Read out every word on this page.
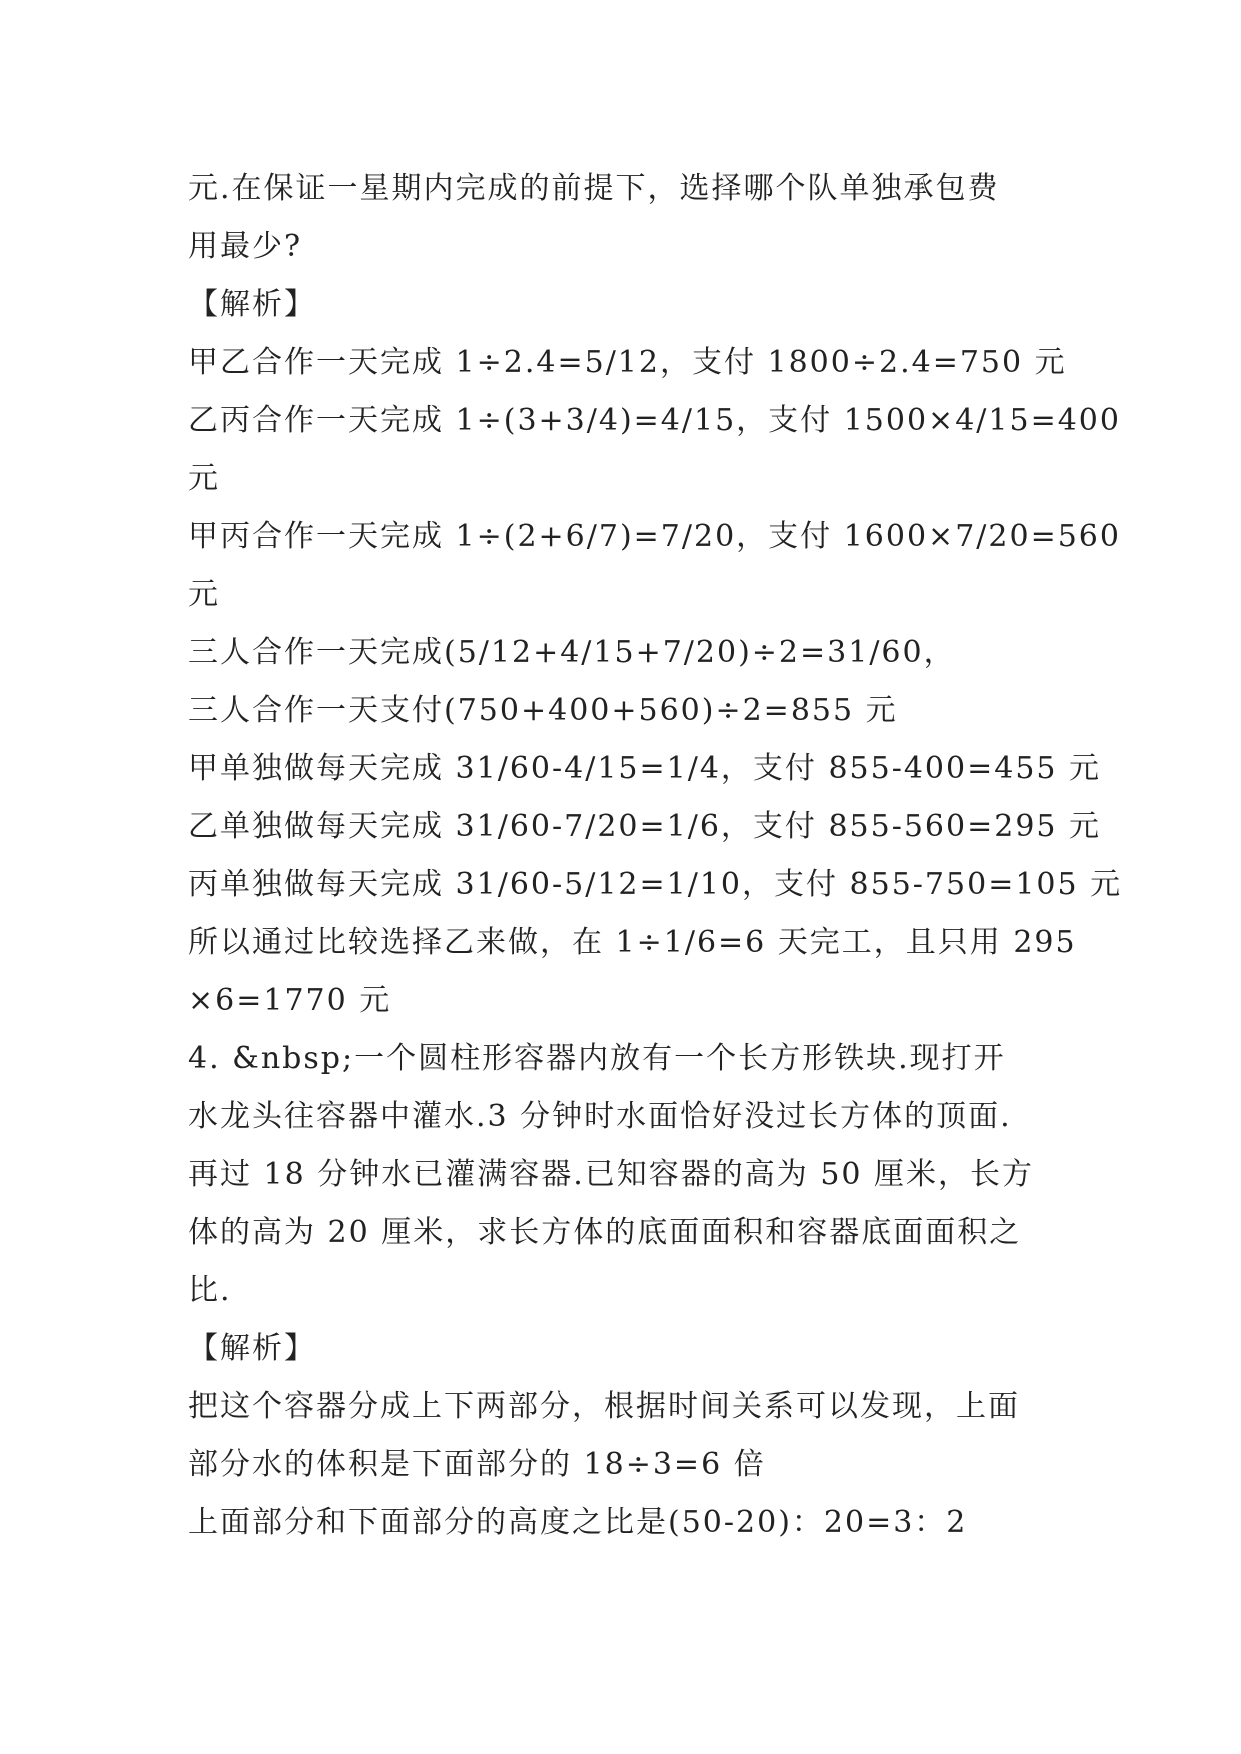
元.在保证一星期内完成的前提下，选择哪个队单独承包费
用最少?
【解析】
甲乙合作一天完成 1÷2.4=5/12，支付 1800÷2.4=750 元
乙丙合作一天完成 1÷(3+3/4)=4/15，支付 1500×4/15=400
元
甲丙合作一天完成 1÷(2+6/7)=7/20，支付 1600×7/20=560
元
三人合作一天完成(5/12+4/15+7/20)÷2=31/60，
三人合作一天支付(750+400+560)÷2=855 元
甲单独做每天完成 31/60-4/15=1/4，支付 855-400=455 元
乙单独做每天完成 31/60-7/20=1/6，支付 855-560=295 元
丙单独做每天完成 31/60-5/12=1/10，支付 855-750=105 元
所以通过比较选择乙来做，在 1÷1/6=6 天完工，且只用 295
×6=1770 元
4. &nbsp;一个圆柱形容器内放有一个长方形铁块.现打开
水龙头往容器中灌水.3 分钟时水面恰好没过长方体的顶面.
再过 18 分钟水已灌满容器.已知容器的高为 50 厘米，长方
体的高为 20 厘米，求长方体的底面面积和容器底面面积之
比.
【解析】
把这个容器分成上下两部分，根据时间关系可以发现，上面
部分水的体积是下面部分的 18÷3=6 倍
上面部分和下面部分的高度之比是(50-20)：20=3：2
